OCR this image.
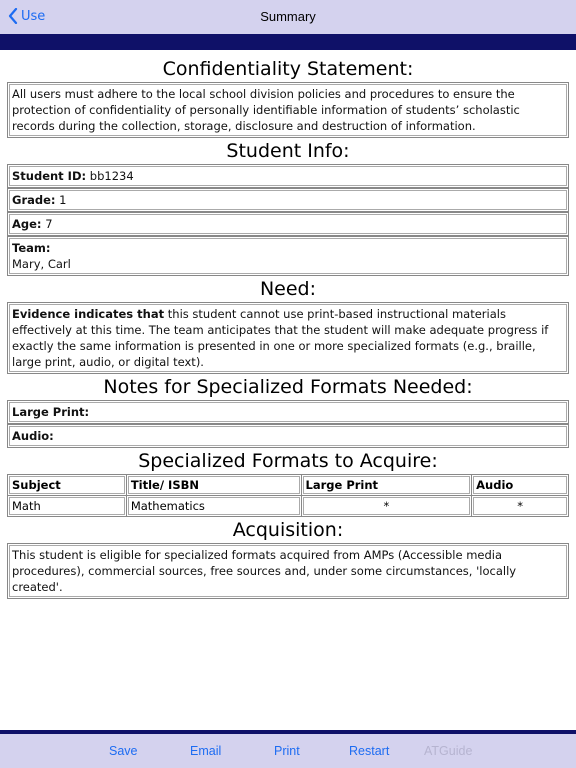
Use	Summary
Confidentiality Statement:
All users must adhere to the local school division policies and procedures to ensure the protection of confidentiality of personally identifiable information of students’ scholastic records during the collection, storage, disclosure and destruction of information.
Student Info:
Student ID: bb1234
Grade: 1
Age: 7
Team:
Mary, Carl
Need:
Evidence indicates that this student cannot use print-based instructional materials effectively at this time. The team anticipates that the student will make adequate progress if exactly the same information is presented in one or more specialized formats (e.g., braille, large print, audio, or digital text).
Notes for Specialized Formats Needed:
Large Print:
Audio:
Specialized Formats to Acquire:
Subject	Title/ ISBN	Large Print	Audio
Math	Mathematics	*	*
Acquisition:
This student is eligible for specialized formats acquired from AMPs (Accessible media procedures), commercial sources, free sources and, under some circumstances, 'locally created'.
Save	Email	Print	Restart	ATGuide
